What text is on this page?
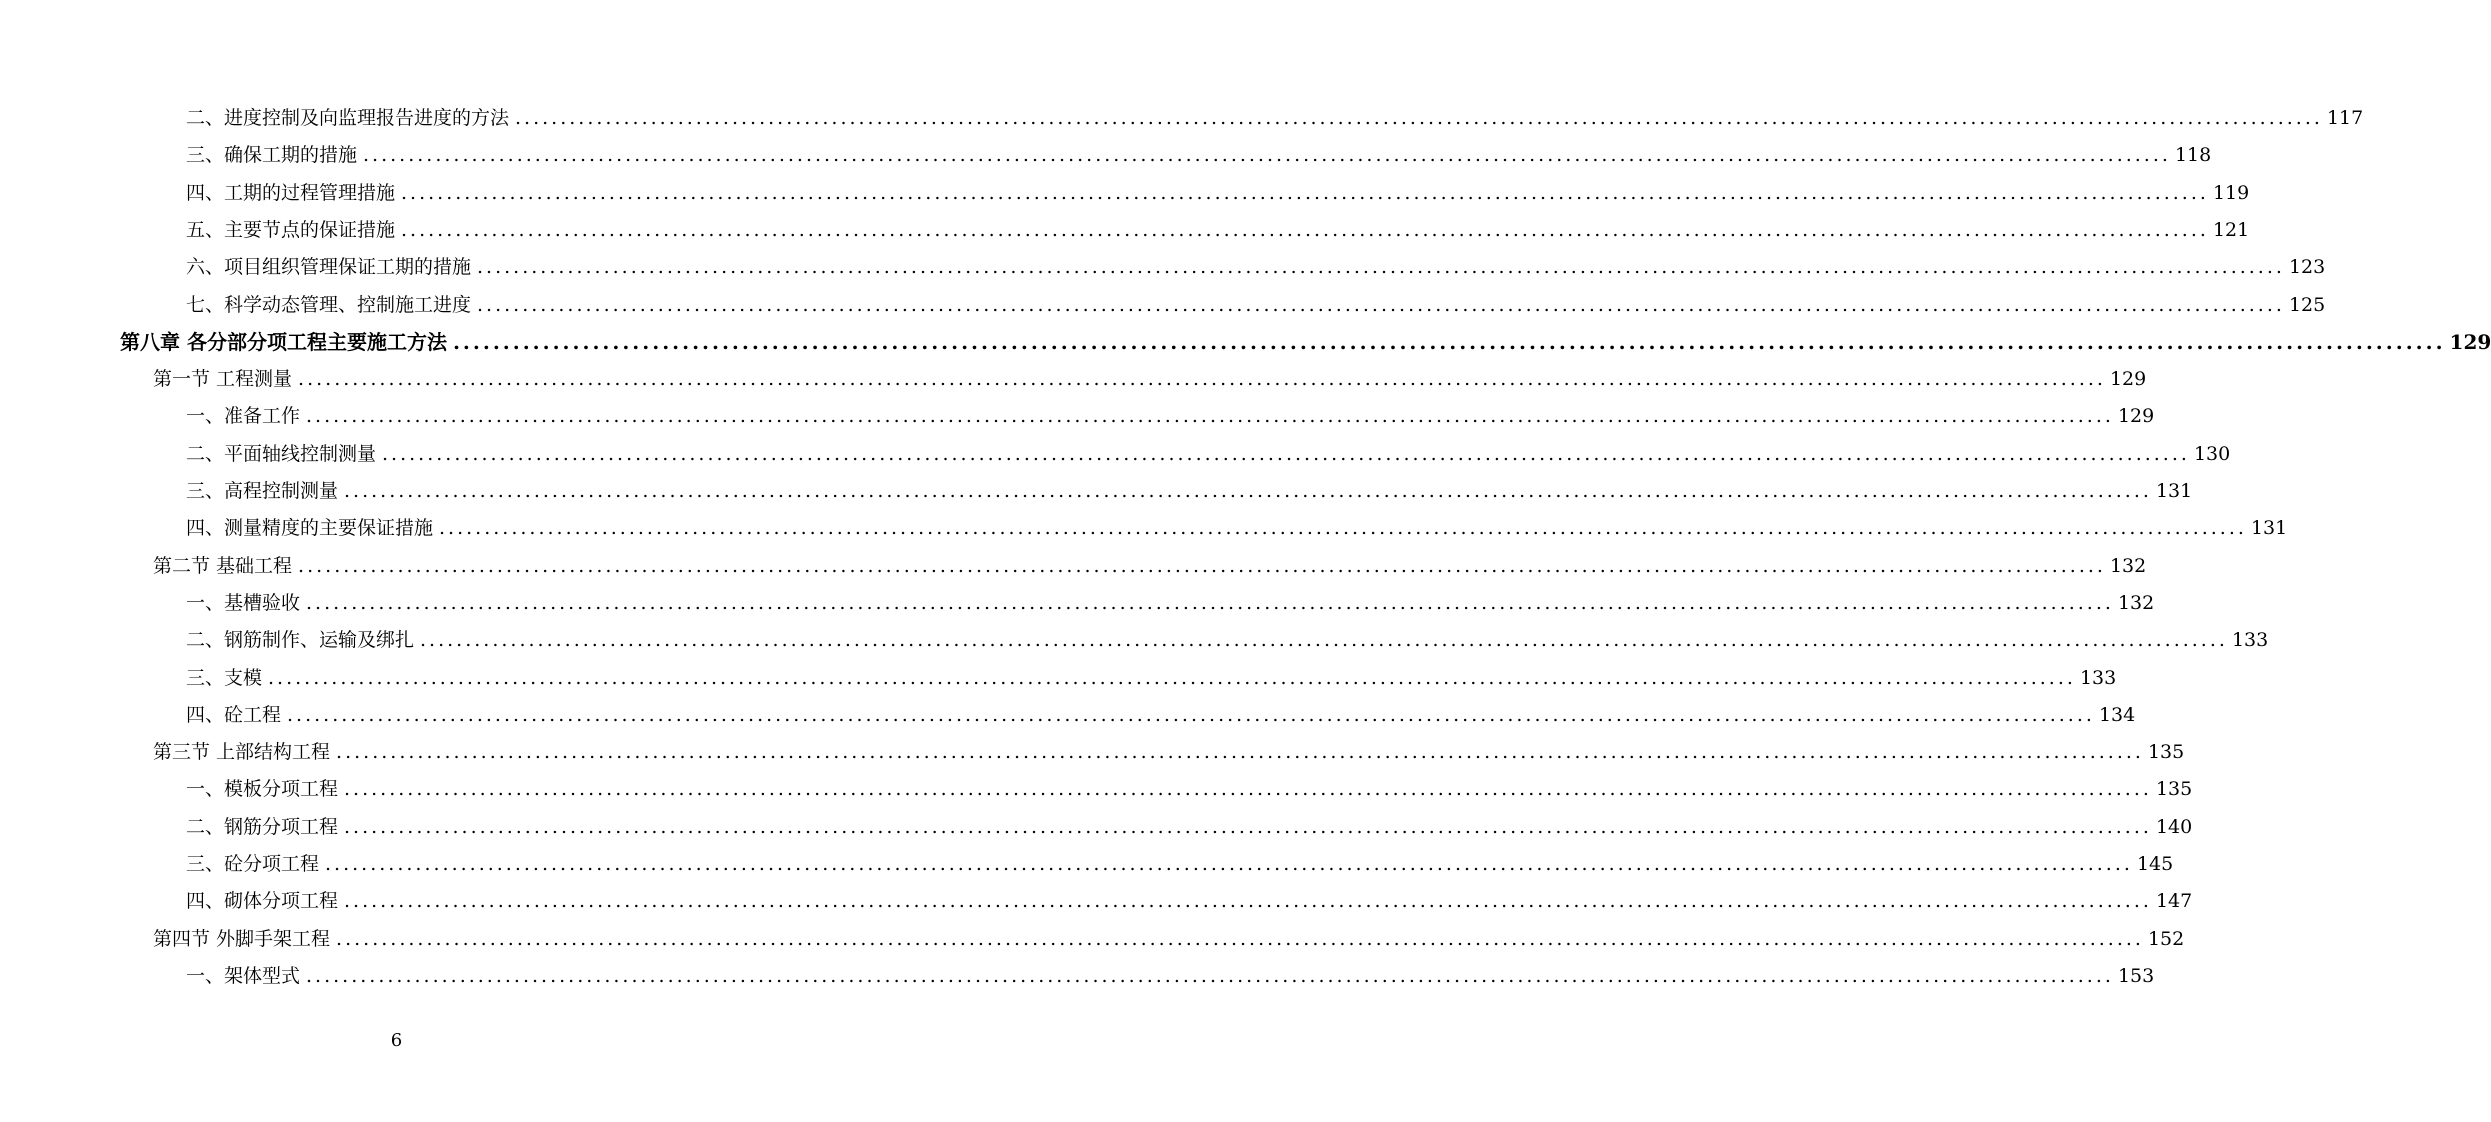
二、进度控制及向监理报告进度的方法 ........................................................................................................................................................................................................ 117
三、确保工期的措施 ........................................................................................................................................................................................................ 118
四、工期的过程管理措施 ........................................................................................................................................................................................................ 119
五、主要节点的保证措施 ........................................................................................................................................................................................................ 121
六、项目组织管理保证工期的措施 ........................................................................................................................................................................................................ 123
七、科学动态管理、控制施工进度 ........................................................................................................................................................................................................ 125
第八章 各分部分项工程主要施工方法 ........................................................................................................................................................................................................ 129
第一节 工程测量 ........................................................................................................................................................................................................ 129
一、准备工作 ........................................................................................................................................................................................................ 129
二、平面轴线控制测量 ........................................................................................................................................................................................................ 130
三、高程控制测量 ........................................................................................................................................................................................................ 131
四、测量精度的主要保证措施 ........................................................................................................................................................................................................ 131
第二节 基础工程 ........................................................................................................................................................................................................ 132
一、基槽验收 ........................................................................................................................................................................................................ 132
二、钢筋制作、运输及绑扎 ........................................................................................................................................................................................................ 133
三、支模 ........................................................................................................................................................................................................ 133
四、砼工程 ........................................................................................................................................................................................................ 134
第三节 上部结构工程 ........................................................................................................................................................................................................ 135
一、模板分项工程 ........................................................................................................................................................................................................ 135
二、钢筋分项工程 ........................................................................................................................................................................................................ 140
三、砼分项工程 ........................................................................................................................................................................................................ 145
四、砌体分项工程 ........................................................................................................................................................................................................ 147
第四节 外脚手架工程 ........................................................................................................................................................................................................ 152
一、架体型式 ........................................................................................................................................................................................................ 153
6
